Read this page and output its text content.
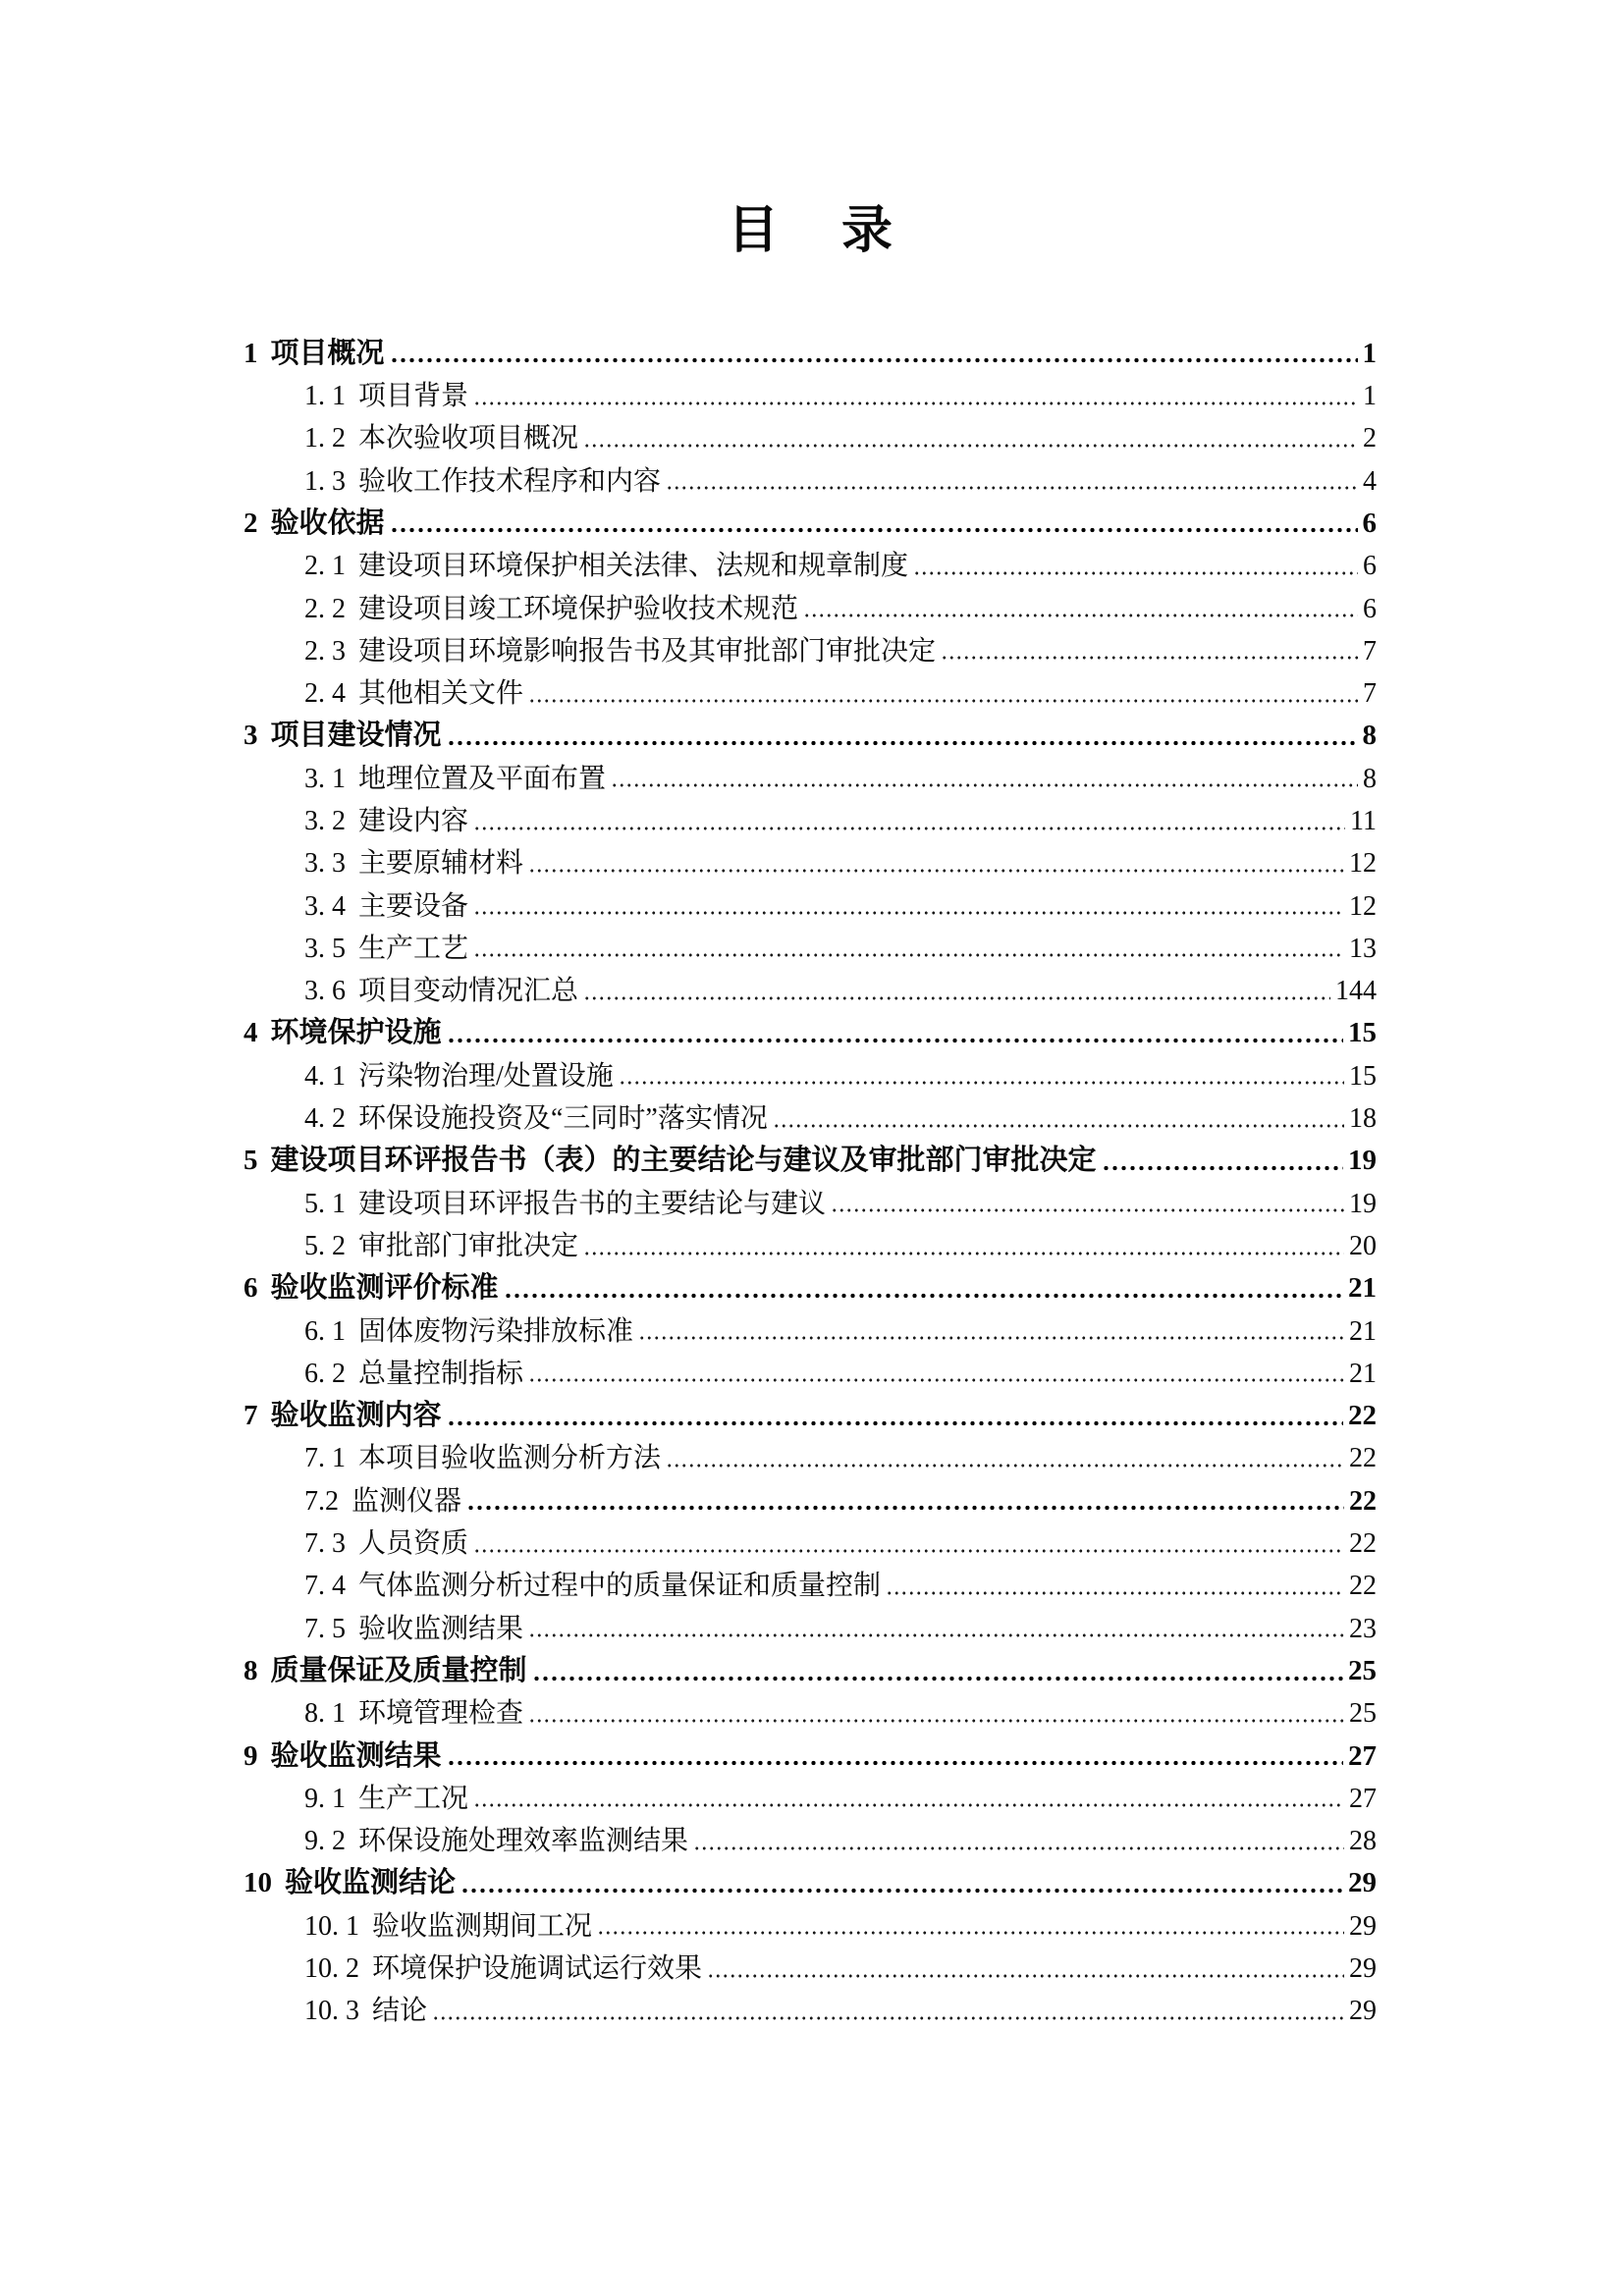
目 录
1 项目概况	1
1. 1 项目背景	1
1. 2 本次验收项目概况	2
1. 3 验收工作技术程序和内容	4
2 验收依据	6
2. 1 建设项目环境保护相关法律、法规和规章制度	6
2. 2 建设项目竣工环境保护验收技术规范	6
2. 3 建设项目环境影响报告书及其审批部门审批决定	7
2. 4 其他相关文件	7
3 项目建设情况	8
3. 1 地理位置及平面布置	8
3. 2 建设内容	11
3. 3 主要原辅材料	12
3. 4 主要设备	12
3. 5 生产工艺	13
3. 6 项目变动情况汇总	144
4 环境保护设施	15
4. 1 污染物治理/处置设施	15
4. 2 环保设施投资及“三同时”落实情况	18
5 建设项目环评报告书（表）的主要结论与建议及审批部门审批决定	19
5. 1 建设项目环评报告书的主要结论与建议	19
5. 2 审批部门审批决定	20
6 验收监测评价标准	21
6. 1 固体废物污染排放标准	21
6. 2 总量控制指标	21
7 验收监测内容	22
7. 1 本项目验收监测分析方法	22
7.2 监测仪器	22
7. 3 人员资质	22
7. 4 气体监测分析过程中的质量保证和质量控制	22
7. 5 验收监测结果	23
8 质量保证及质量控制	25
8. 1 环境管理检查	25
9 验收监测结果	27
9. 1 生产工况	27
9. 2 环保设施处理效率监测结果	28
10 验收监测结论	29
10. 1 验收监测期间工况	29
10. 2 环境保护设施调试运行效果	29
10. 3 结论	29
